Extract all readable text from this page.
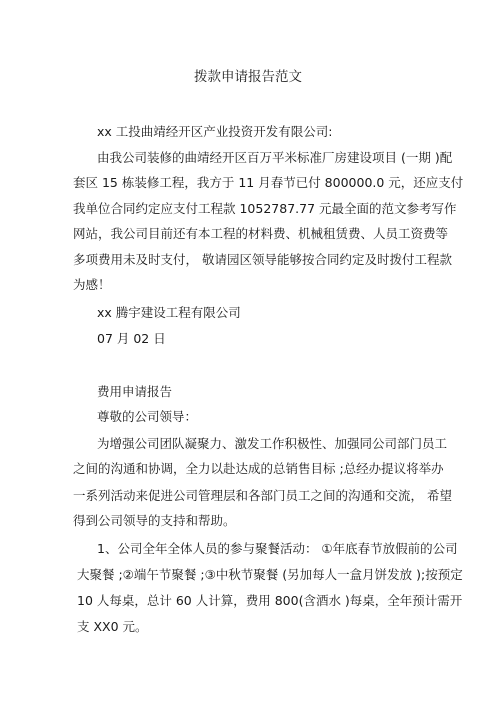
拨款申请报告范文
xx 工投曲靖经开区产业投资开发有限公司:
由我公司装修的曲靖经开区百万平米标准厂房建设项目 (一期 )配
套区 15 栋装修工程，我方于 11 月春节已付 800000.0 元，还应支付
我单位合同约定应支付工程款 1052787.77 元最全面的范文参考写作
网站，我公司目前还有本工程的材料费、机械租赁费、人员工资费等
多项费用未及时支付， 敬请园区领导能够按合同约定及时拨付工程款
为感！
xx 腾宇建设工程有限公司
07 月 02 日
费用申请报告
尊敬的公司领导：
为增强公司团队凝聚力、激发工作积极性、加强同公司部门员工
之间的沟通和协调，全力以赴达成的总销售目标 ;总经办提议将举办
一系列活动来促进公司管理层和各部门员工之间的沟通和交流， 希望
得到公司领导的支持和帮助。
1、公司全年全体人员的参与聚餐活动： ①年底春节放假前的公司
大聚餐 ;②端午节聚餐 ;③中秋节聚餐 (另加每人一盒月饼发放 );按预定
10 人每桌，总计 60 人计算，费用 800(含酒水 )每桌，全年预计需开
支 XX0 元。
